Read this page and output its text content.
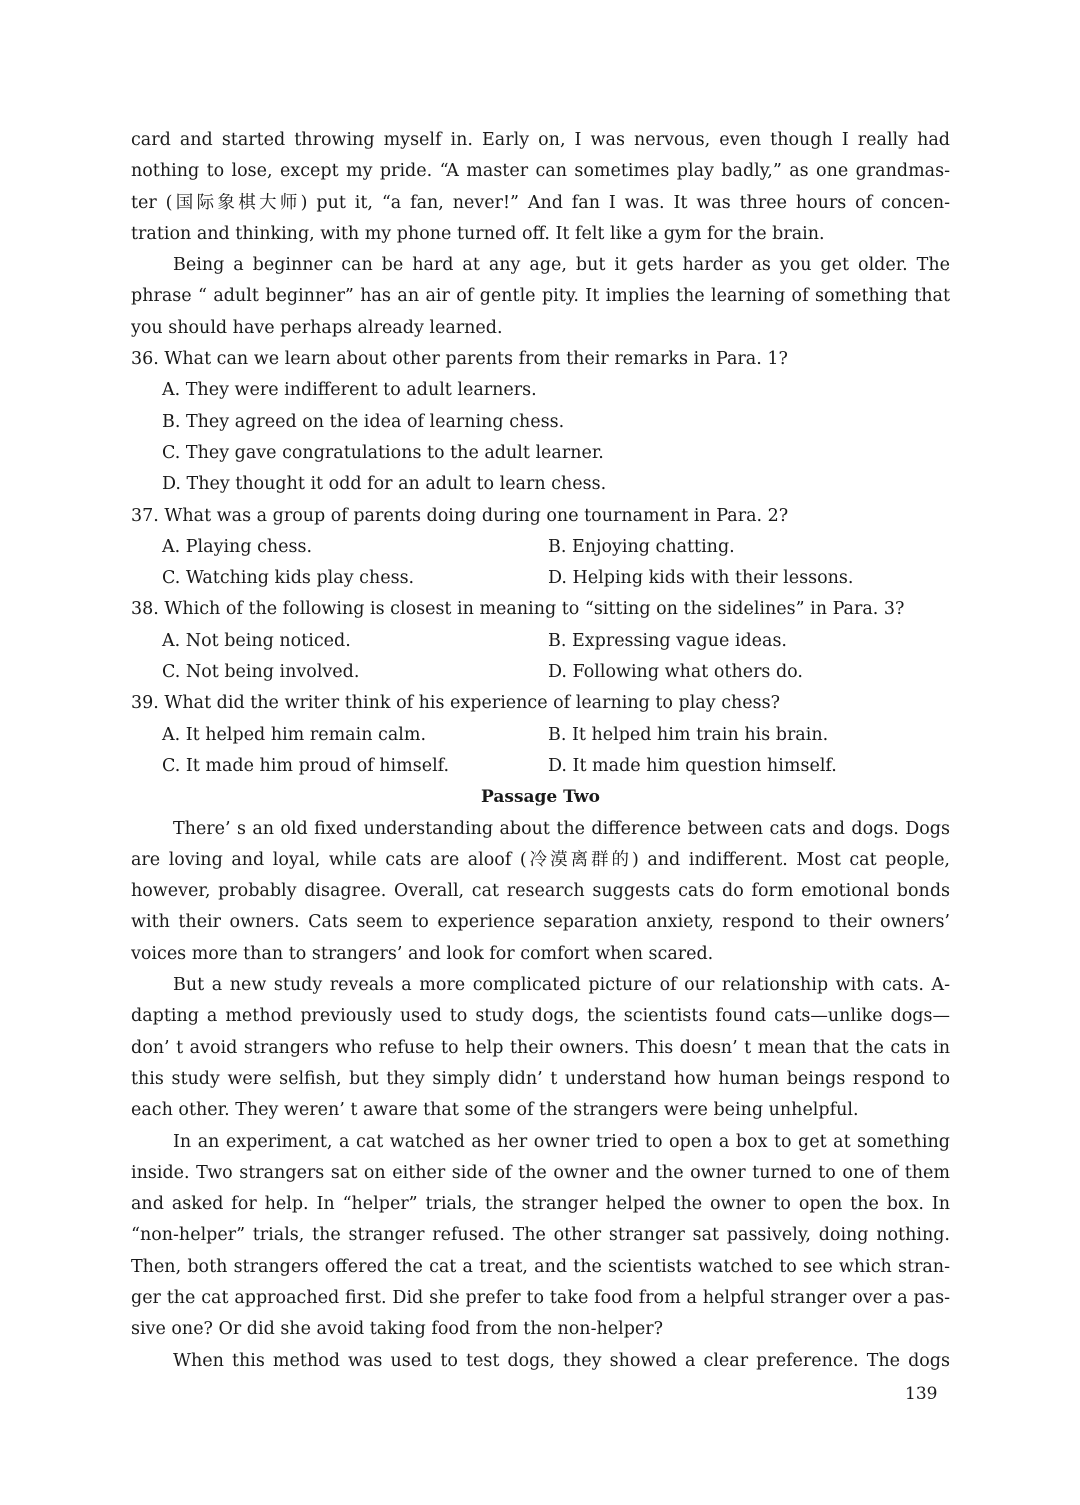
card and started throwing myself in. Early on, I was nervous, even though I really had
nothing to lose, except my pride. “A master can sometimes play badly,” as one grandmas-
ter (国际象棋大师) put it, “a fan, never!” And fan I was. It was three hours of concen-
tration and thinking, with my phone turned off. It felt like a gym for the brain.
Being a beginner can be hard at any age, but it gets harder as you get older. The
phrase “ adult beginner” has an air of gentle pity. It implies the learning of something that
you should have perhaps already learned.
36. What can we learn about other parents from their remarks in Para. 1?
A. They were indifferent to adult learners.
B. They agreed on the idea of learning chess.
C. They gave congratulations to the adult learner.
D. They thought it odd for an adult to learn chess.
37. What was a group of parents doing during one tournament in Para. 2?
A. Playing chess.	B. Enjoying chatting.
C. Watching kids play chess.	D. Helping kids with their lessons.
38. Which of the following is closest in meaning to “sitting on the sidelines” in Para. 3?
A. Not being noticed.	B. Expressing vague ideas.
C. Not being involved.	D. Following what others do.
39. What did the writer think of his experience of learning to play chess?
A. It helped him remain calm.	B. It helped him train his brain.
C. It made him proud of himself.	D. It made him question himself.
Passage Two
There’ s an old fixed understanding about the difference between cats and dogs. Dogs
are loving and loyal, while cats are aloof (冷漠离群的) and indifferent. Most cat people,
however, probably disagree. Overall, cat research suggests cats do form emotional bonds
with their owners. Cats seem to experience separation anxiety, respond to their owners’
voices more than to strangers’ and look for comfort when scared.
But a new study reveals a more complicated picture of our relationship with cats. A-
dapting a method previously used to study dogs, the scientists found cats—unlike dogs—
don’ t avoid strangers who refuse to help their owners. This doesn’ t mean that the cats in
this study were selfish, but they simply didn’ t understand how human beings respond to
each other. They weren’ t aware that some of the strangers were being unhelpful.
In an experiment, a cat watched as her owner tried to open a box to get at something
inside. Two strangers sat on either side of the owner and the owner turned to one of them
and asked for help. In “helper” trials, the stranger helped the owner to open the box. In
“non-helper” trials, the stranger refused. The other stranger sat passively, doing nothing.
Then, both strangers offered the cat a treat, and the scientists watched to see which stran-
ger the cat approached first. Did she prefer to take food from a helpful stranger over a pas-
sive one? Or did she avoid taking food from the non-helper?
When this method was used to test dogs, they showed a clear preference. The dogs
139
